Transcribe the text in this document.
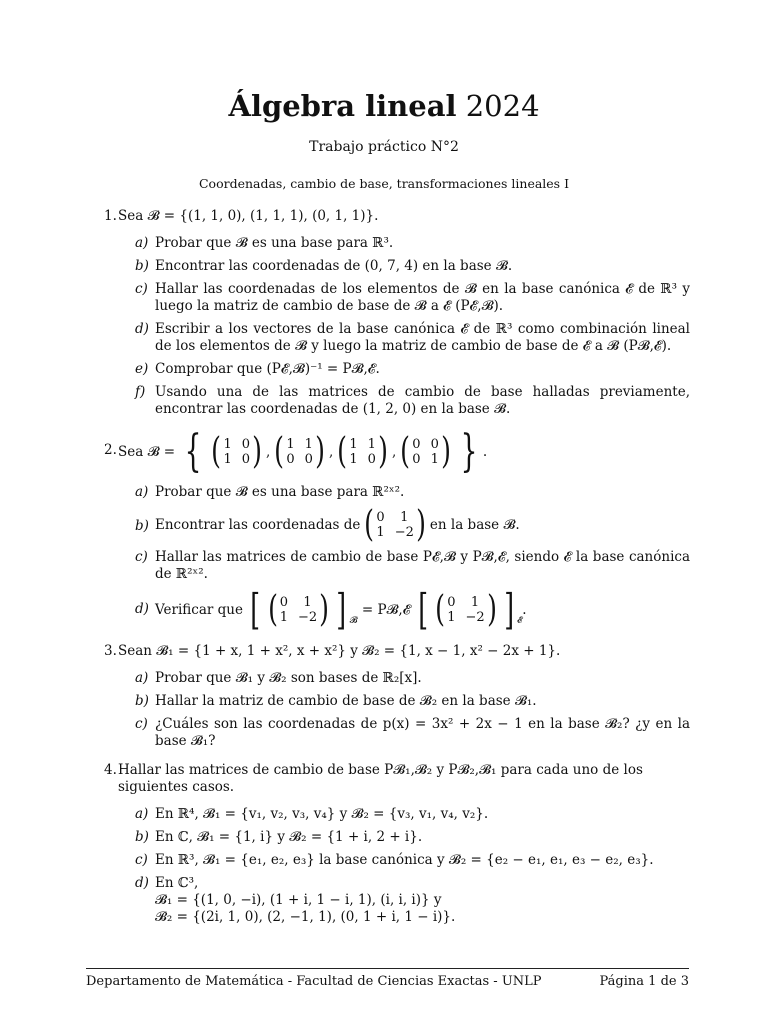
Álgebra lineal 2024
Trabajo práctico N°2
Coordenadas, cambio de base, transformaciones lineales I
1. Sea 𝓑 = {(1, 1, 0), (1, 1, 1), (0, 1, 1)}.
a) Probar que 𝓑 es una base para ℝ³.
b) Encontrar las coordenadas de (0, 7, 4) en la base 𝓑.
c) Hallar las coordenadas de los elementos de 𝓑 en la base canónica 𝓔 de ℝ³ y luego la matriz de cambio de base de 𝓑 a 𝓔 (P𝓔,𝓑).
d) Escribir a los vectores de la base canónica 𝓔 de ℝ³ como combinación lineal de los elementos de 𝓑 y luego la matriz de cambio de base de 𝓔 a 𝓑 (P𝓑,𝓔).
e) Comprobar que (P𝓔,𝓑)⁻¹ = P𝓑,𝓔.
f) Usando una de las matrices de cambio de base halladas previamente, encontrar las coordenadas de (1, 2, 0) en la base 𝓑.
2. Sea 𝓑 =
{ ( 1 0
1 0 ) , ( 1 1
0 0 ) , ( 1 1
1 0 ) , ( 0 0
0 1 ) } .
a) Probar que 𝓑 es una base para ℝ²ˣ².
b) Encontrar las coordenadas de ( 0	1
1 −2 ) en la base 𝓑.
c) Hallar las matrices de cambio de base P𝓔,𝓑 y P𝓑,𝓔, siendo 𝓔 la base canónica de ℝ²ˣ².
d) Verificar que
[ ( 0	1
1 −2 ) ] 𝓑

= P𝓑,𝓔
[ ( 0	1
1 −2 ) ] 𝓔
.
3. Sean 𝓑₁ = {1 + x, 1 + x², x + x²} y 𝓑₂ = {1, x − 1, x² − 2x + 1}.
a) Probar que 𝓑₁ y 𝓑₂ son bases de ℝ₂[x].
b) Hallar la matriz de cambio de base de 𝓑₂ en la base 𝓑₁.
c) ¿Cuáles son las coordenadas de p(x) = 3x² + 2x − 1 en la base 𝓑₂? ¿y en la base 𝓑₁?
4. Hallar las matrices de cambio de base P𝓑₁,𝓑₂ y P𝓑₂,𝓑₁ para cada uno de los siguientes casos.
a) En ℝ⁴, 𝓑₁ = {v₁, v₂, v₃, v₄} y 𝓑₂ = {v₃, v₁, v₄, v₂}.
b) En ℂ, 𝓑₁ = {1, i} y 𝓑₂ = {1 + i, 2 + i}.
c) En ℝ³, 𝓑₁ = {e₁, e₂, e₃} la base canónica y 𝓑₂ = {e₂ − e₁, e₁, e₃ − e₂, e₃}.
d) En ℂ³,
𝓑₁ = {(1, 0, −i), (1 + i, 1 − i, 1), (i, i, i)} y
𝓑₂ = {(2i, 1, 0), (2, −1, 1), (0, 1 + i, 1 − i)}.
Departamento de Matemática - Facultad de Ciencias Exactas - UNLP	Página 1 de 3
